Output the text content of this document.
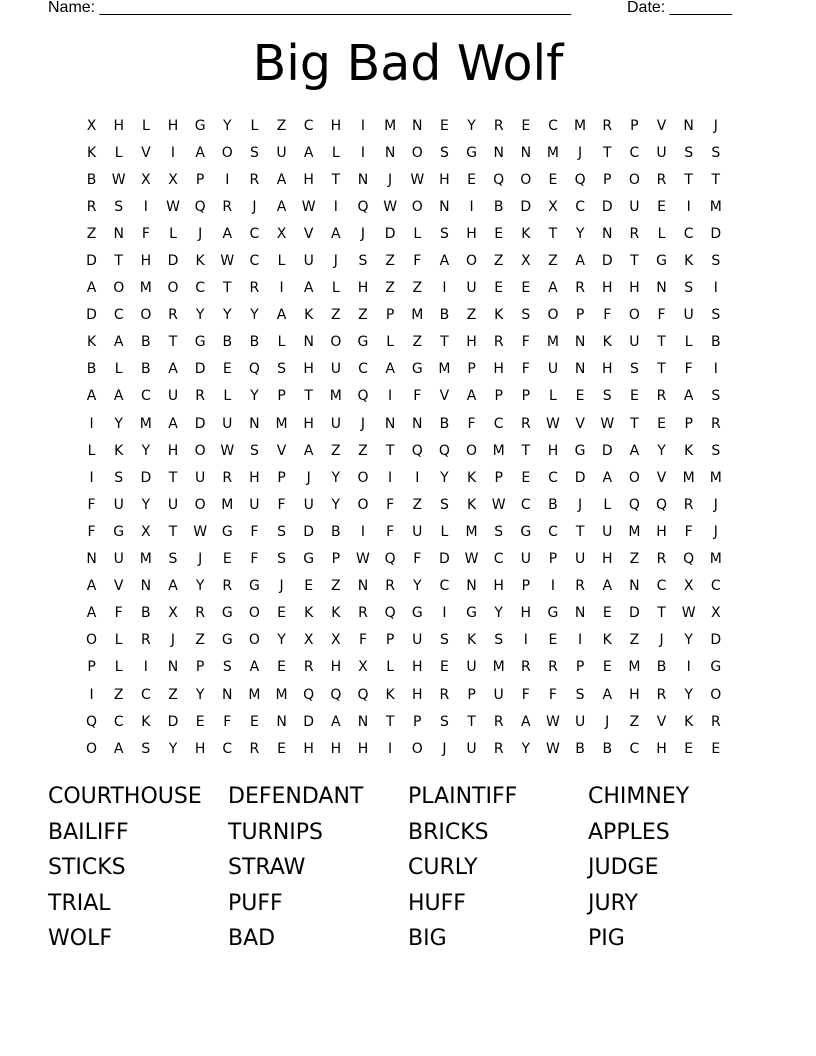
Name: _____________________________________________________	Date: _______
Big Bad Wolf
X	H	L	H	G	Y	L	Z	C	H	I	M	N	E	Y	R	E	C	M	R	P	V	N	J
K	L	V	I	A	O	S	U	A	L	I	N	O	S	G	N	N	M	J	T	C	U	S	S
B	W	X	X	P	I	R	A	H	T	N	J	W	H	E	Q	O	E	Q	P	O	R	T	T
R	S	I	W	Q	R	J	A	W	I	Q	W	O	N	I	B	D	X	C	D	U	E	I	M
Z	N	F	L	J	A	C	X	V	A	J	D	L	S	H	E	K	T	Y	N	R	L	C	D
D	T	H	D	K	W	C	L	U	J	S	Z	F	A	O	Z	X	Z	A	D	T	G	K	S
A	O	M	O	C	T	R	I	A	L	H	Z	Z	I	U	E	E	A	R	H	H	N	S	I
D	C	O	R	Y	Y	Y	A	K	Z	Z	P	M	B	Z	K	S	O	P	F	O	F	U	S
K	A	B	T	G	B	B	L	N	O	G	L	Z	T	H	R	F	M	N	K	U	T	L	B
B	L	B	A	D	E	Q	S	H	U	C	A	G	M	P	H	F	U	N	H	S	T	F	I
A	A	C	U	R	L	Y	P	T	M	Q	I	F	V	A	P	P	L	E	S	E	R	A	S
I	Y	M	A	D	U	N	M	H	U	J	N	N	B	F	C	R	W	V	W	T	E	P	R
L	K	Y	H	O	W	S	V	A	Z	Z	T	Q	Q	O	M	T	H	G	D	A	Y	K	S
I	S	D	T	U	R	H	P	J	Y	O	I	I	Y	K	P	E	C	D	A	O	V	M	M
F	U	Y	U	O	M	U	F	U	Y	O	F	Z	S	K	W	C	B	J	L	Q	Q	R	J
F	G	X	T	W	G	F	S	D	B	I	F	U	L	M	S	G	C	T	U	M	H	F	J
N	U	M	S	J	E	F	S	G	P	W	Q	F	D	W	C	U	P	U	H	Z	R	Q	M
A	V	N	A	Y	R	G	J	E	Z	N	R	Y	C	N	H	P	I	R	A	N	C	X	C
A	F	B	X	R	G	O	E	K	K	R	Q	G	I	G	Y	H	G	N	E	D	T	W	X
O	L	R	J	Z	G	O	Y	X	X	F	P	U	S	K	S	I	E	I	K	Z	J	Y	D
P	L	I	N	P	S	A	E	R	H	X	L	H	E	U	M	R	R	P	E	M	B	I	G
I	Z	C	Z	Y	N	M	M	Q	Q	Q	K	H	R	P	U	F	F	S	A	H	R	Y	O
Q	C	K	D	E	F	E	N	D	A	N	T	P	S	T	R	A	W	U	J	Z	V	K	R
O	A	S	Y	H	C	R	E	H	H	H	I	O	J	U	R	Y	W	B	B	C	H	E	E
COURTHOUSE	DEFENDANT	PLAINTIFF	CHIMNEY
BAILIFF	TURNIPS	BRICKS	APPLES
STICKS	STRAW	CURLY	JUDGE
TRIAL	PUFF	HUFF	JURY
WOLF	BAD	BIG	PIG
